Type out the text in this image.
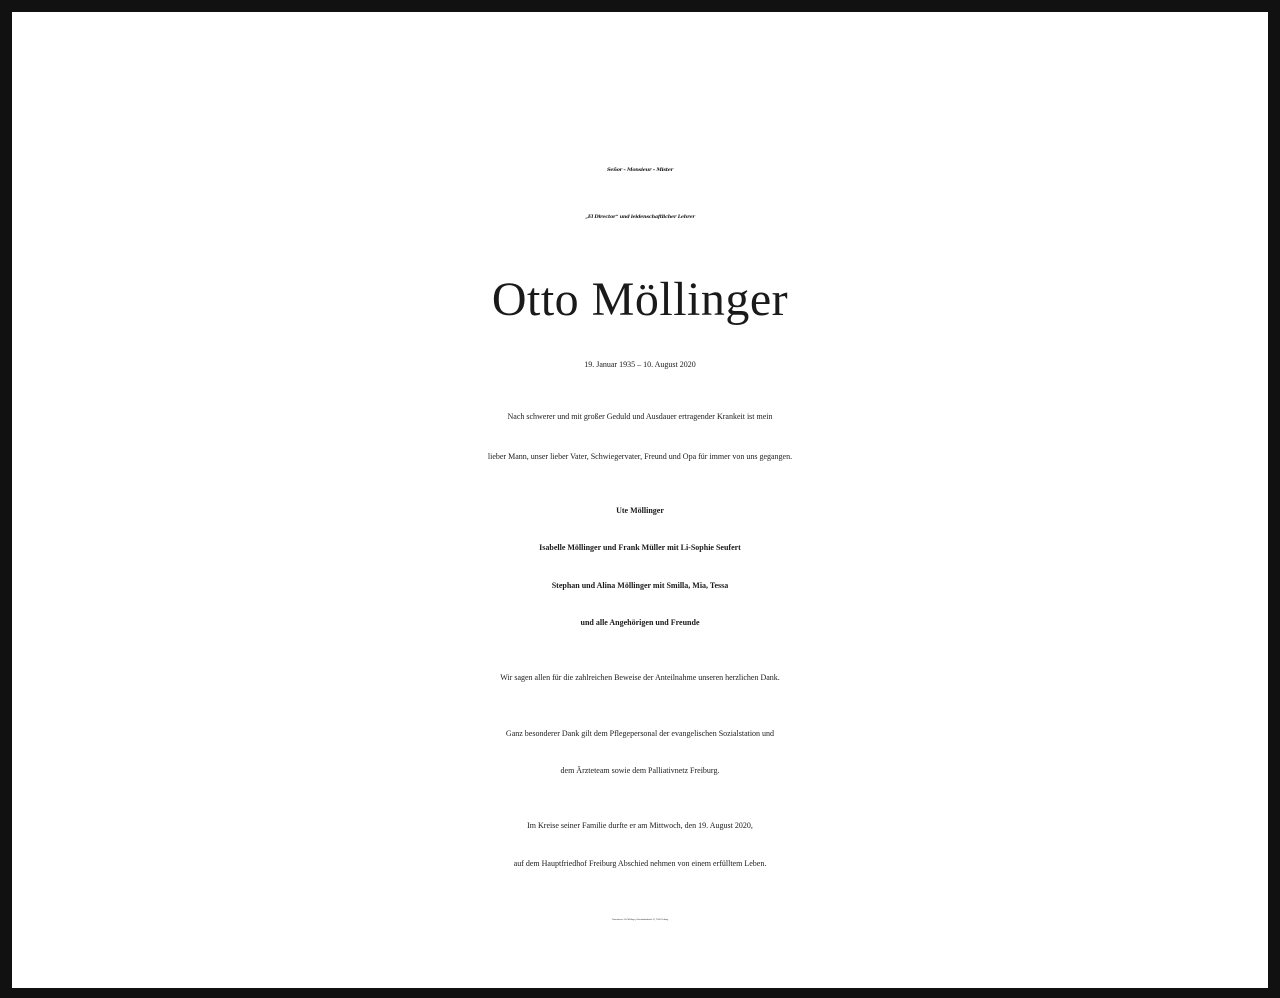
Señor – Monsieur – Mister
„El Director“ und leidenschaftlicher Lehrer
Otto Möllinger
19. Januar 1935 – 10. August 2020
Nach schwerer und mit großer Geduld und Ausdauer ertragender Krankeit ist mein
lieber Mann, unser lieber Vater, Schwiegervater, Freund und Opa für immer von uns gegangen.
Ute Möllinger
Isabelle Möllinger und Frank Müller mit Li-Sophie Seufert
Stephan und Alina Möllinger mit Smilla, Mia, Tessa
und alle Angehörigen und Freunde
Wir sagen allen für die zahlreichen Beweise der Anteilnahme unseren herzlichen Dank.
Ganz besonderer Dank gilt dem Pflegepersonal der evangelischen Sozialstation und
dem Ärzteteam sowie dem Palliativnetz Freiburg.
Im Kreise seiner Familie durfte er am Mittwoch, den 19. August 2020,
auf dem Hauptfriedhof Freiburg Abschied nehmen von einem erfülltem Leben.
Traueradresse: Ute Möllinger, Schwimmbadstraße 39, 79100 Freiburg
